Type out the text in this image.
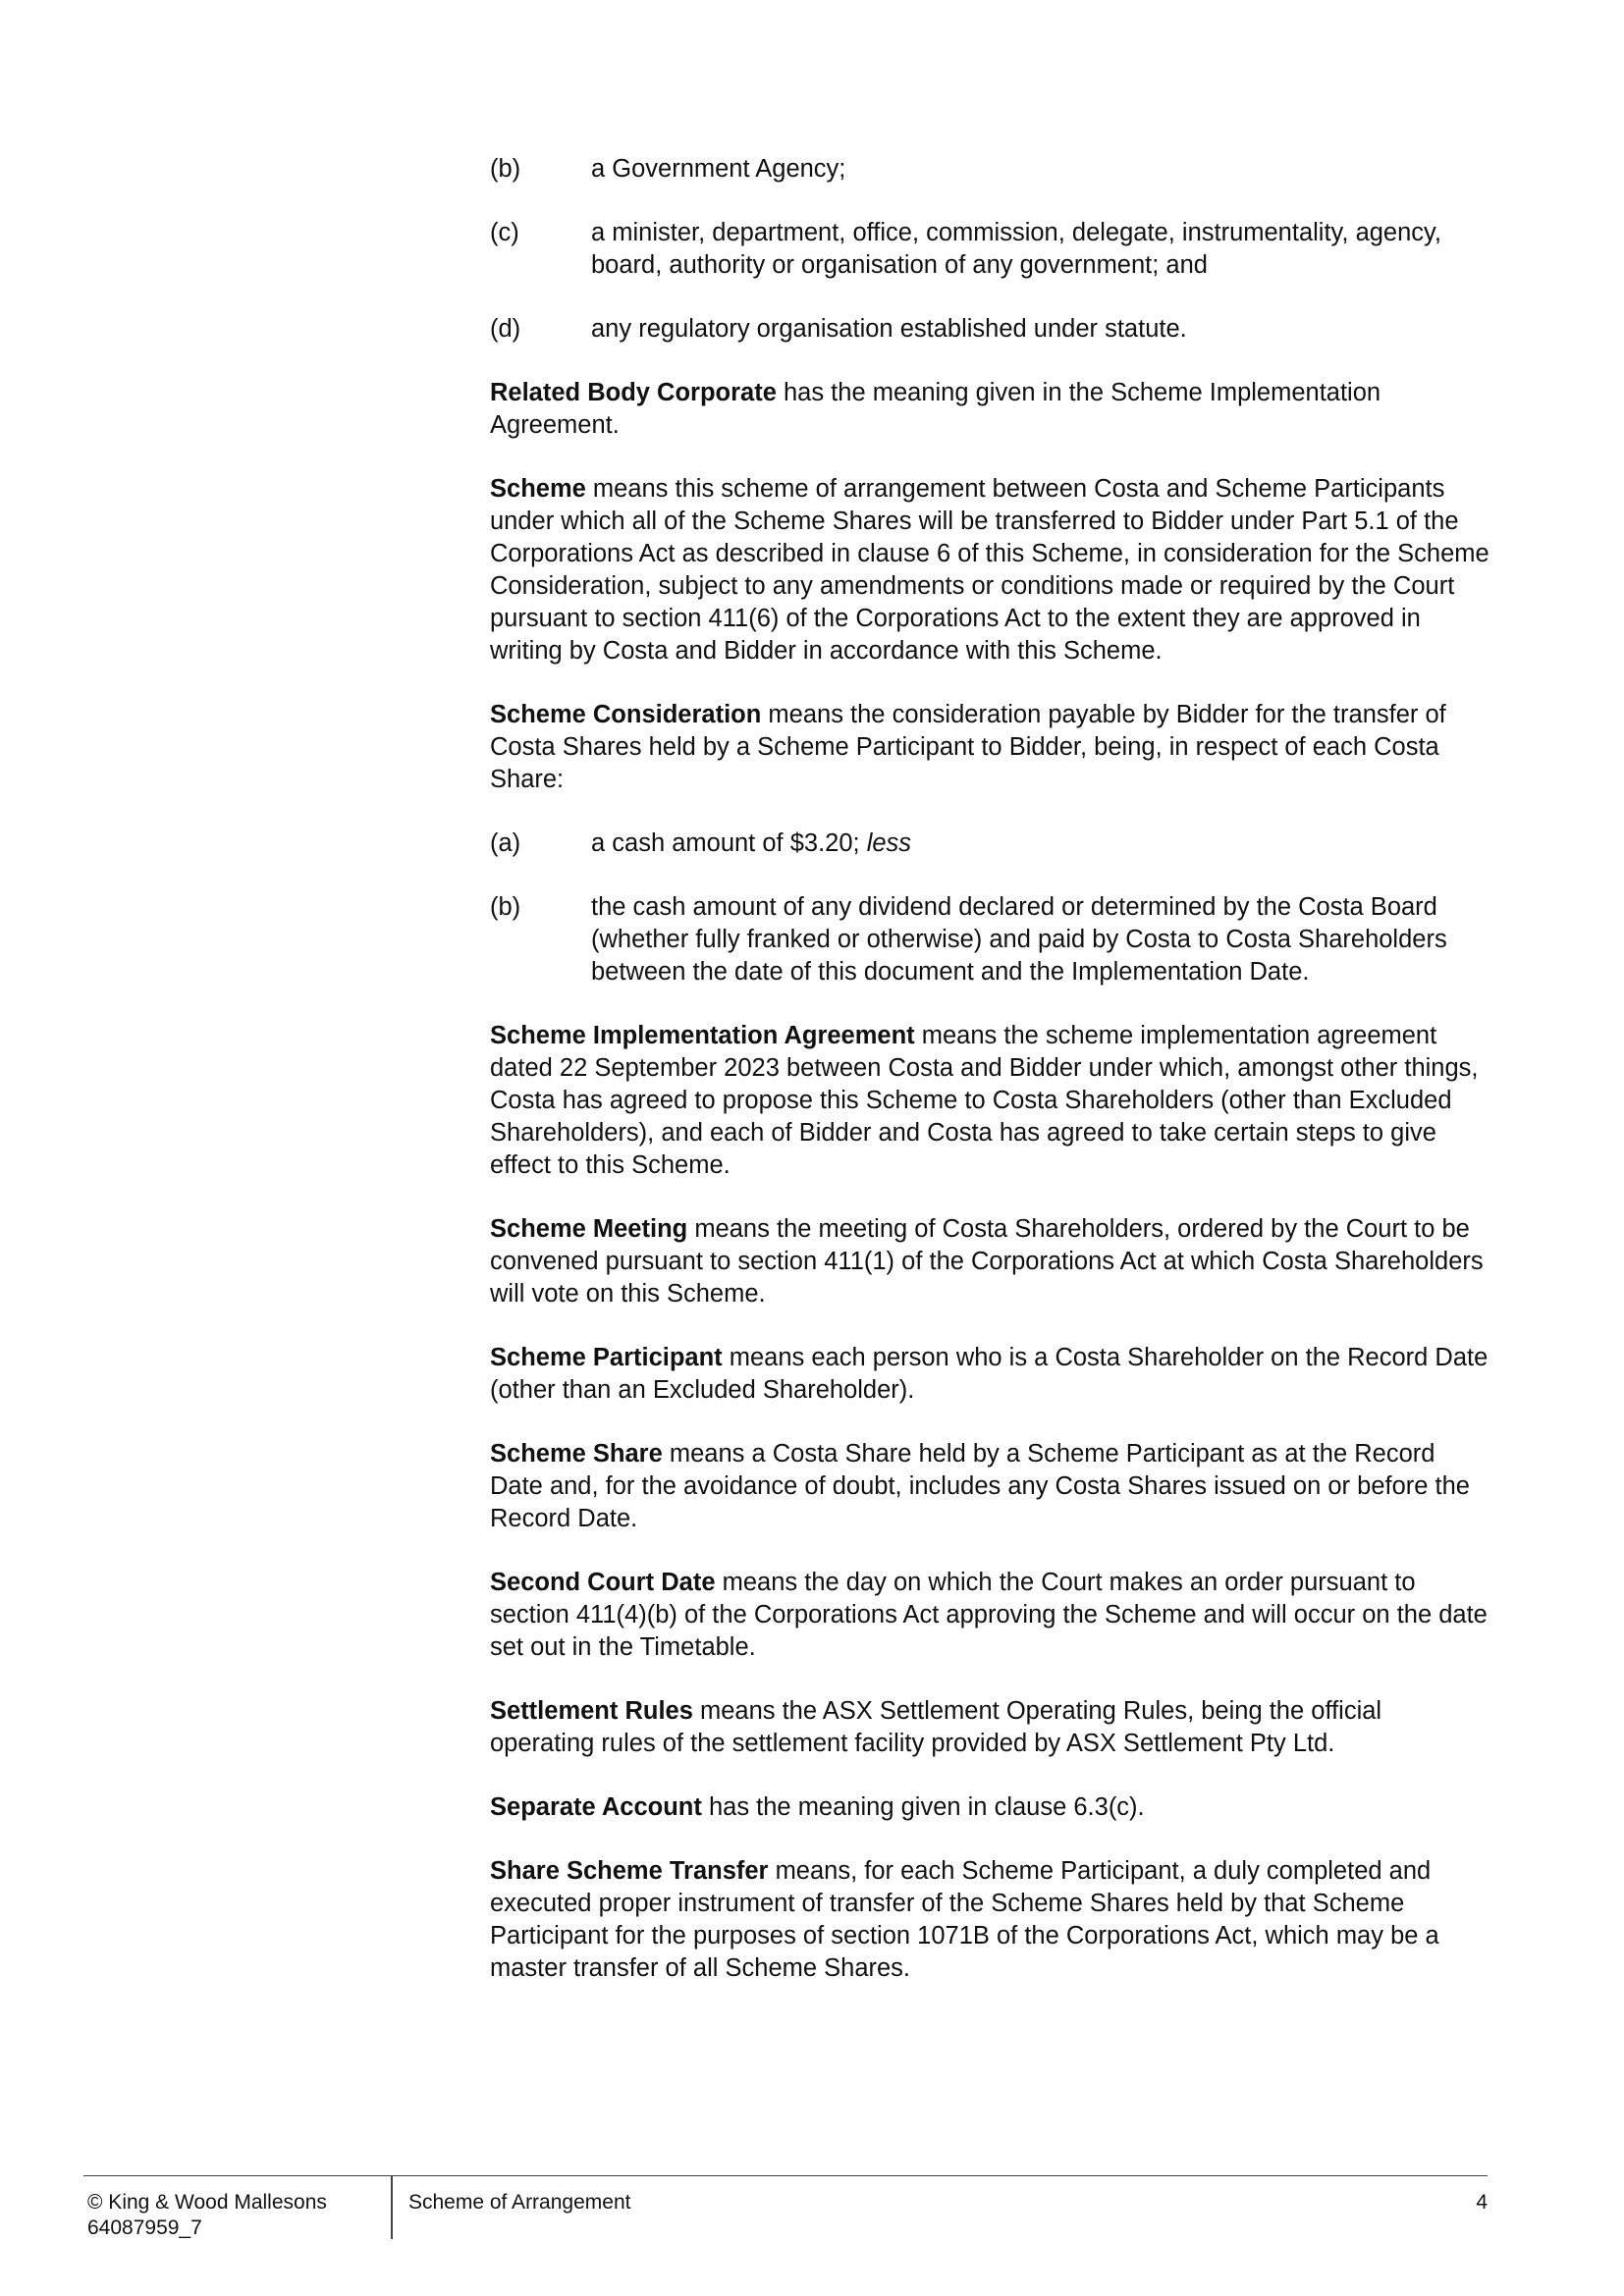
(b)	a Government Agency;
(c)	a minister, department, office, commission, delegate, instrumentality, agency, board, authority or organisation of any government; and
(d)	any regulatory organisation established under statute.

Related Body Corporate has the meaning given in the Scheme Implementation Agreement.

Scheme means this scheme of arrangement between Costa and Scheme Participants under which all of the Scheme Shares will be transferred to Bidder under Part 5.1 of the Corporations Act as described in clause 6 of this Scheme, in consideration for the Scheme Consideration, subject to any amendments or conditions made or required by the Court pursuant to section 411(6) of the Corporations Act to the extent they are approved in writing by Costa and Bidder in accordance with this Scheme.

Scheme Consideration means the consideration payable by Bidder for the transfer of Costa Shares held by a Scheme Participant to Bidder, being, in respect of each Costa Share:

(a)	a cash amount of $3.20; less
(b)	the cash amount of any dividend declared or determined by the Costa Board (whether fully franked or otherwise) and paid by Costa to Costa Shareholders between the date of this document and the Implementation Date.

Scheme Implementation Agreement means the scheme implementation agreement dated 22 September 2023 between Costa and Bidder under which, amongst other things, Costa has agreed to propose this Scheme to Costa Shareholders (other than Excluded Shareholders), and each of Bidder and Costa has agreed to take certain steps to give effect to this Scheme.

Scheme Meeting means the meeting of Costa Shareholders, ordered by the Court to be convened pursuant to section 411(1) of the Corporations Act at which Costa Shareholders will vote on this Scheme.

Scheme Participant means each person who is a Costa Shareholder on the Record Date (other than an Excluded Shareholder).

Scheme Share means a Costa Share held by a Scheme Participant as at the Record Date and, for the avoidance of doubt, includes any Costa Shares issued on or before the Record Date.

Second Court Date means the day on which the Court makes an order pursuant to section 411(4)(b) of the Corporations Act approving the Scheme and will occur on the date set out in the Timetable.

Settlement Rules means the ASX Settlement Operating Rules, being the official operating rules of the settlement facility provided by ASX Settlement Pty Ltd.

Separate Account has the meaning given in clause 6.3(c).

Share Scheme Transfer means, for each Scheme Participant, a duly completed and executed proper instrument of transfer of the Scheme Shares held by that Scheme Participant for the purposes of section 1071B of the Corporations Act, which may be a master transfer of all Scheme Shares.

© King & Wood Mallesons
64087959_7
Scheme of Arrangement	4
